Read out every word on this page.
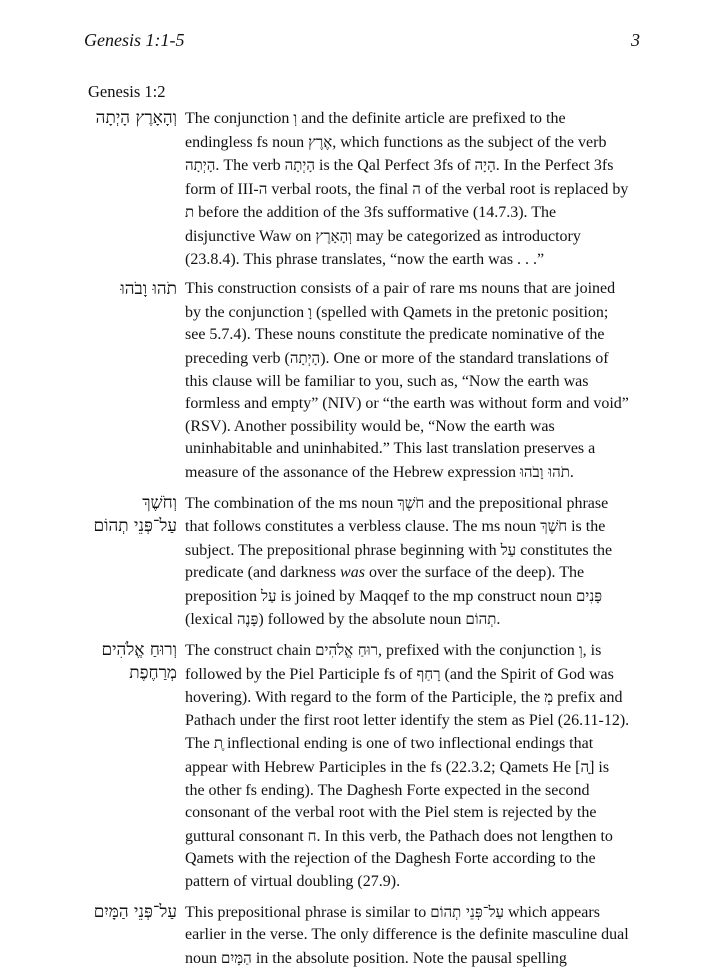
Genesis 1:1-5	3
Genesis 1:2
וְהָאָרֶץ הָיְתָה The conjunction וְ and the definite article are prefixed to the endingless fs noun אֶרֶץ, which functions as the subject of the verb הָיְתָה. The verb הָיְתָה is the Qal Perfect 3fs of הָיָה. In the Perfect 3fs form of III-ה verbal roots, the final ה of the verbal root is replaced by ת before the addition of the 3fs sufformative (14.7.3). The disjunctive Waw on וְהָאָרֶץ may be categorized as introductory (23.8.4). This phrase translates, “now the earth was . . .”
תֹהוּ וָבֹהוּ This construction consists of a pair of rare ms nouns that are joined by the conjunction וָ (spelled with Qamets in the pretonic position; see 5.7.4). These nouns constitute the predicate nominative of the preceding verb (הָיְתָה). One or more of the standard translations of this clause will be familiar to you, such as, “Now the earth was formless and empty” (NIV) or “the earth was without form and void” (RSV). Another possibility would be, “Now the earth was uninhabitable and uninhabited.” This last translation preserves a measure of the assonance of the Hebrew expression תֹהוּ וָבֹהוּ.
וְחֹשֶׁךְ
עַל־פְּנֵי תְהוֹם
The combination of the ms noun חֹשֶׁךְ and the prepositional phrase that follows constitutes a verbless clause. The ms noun חֹשֶׁךְ is the subject. The prepositional phrase beginning with עַל constitutes the predicate (and darkness was over the surface of the deep). The preposition עַל is joined by Maqqef to the mp construct noun פָּנִים (lexical פָּנֶה) followed by the absolute noun תְהוֹם.
וְרוּחַ אֱלֹהִים
מְרַחֶפֶת
The construct chain רוּחַ אֱלֹהִים, prefixed with the conjunction וְ, is followed by the Piel Participle fs of רָחַף (and the Spirit of God was hovering). With regard to the form of the Participle, the מְ prefix and Pathach under the first root letter identify the stem as Piel (26.11-12). The ֶת inflectional ending is one of two inflectional endings that appear with Hebrew Participles in the fs (22.3.2; Qamets He [ָה] is the other fs ending). The Daghesh Forte expected in the second consonant of the verbal root with the Piel stem is rejected by the guttural consonant ח. In this verb, the Pathach does not lengthen to Qamets with the rejection of the Daghesh Forte according to the pattern of virtual doubling (27.9).
עַל־פְּנֵי הַמָּיִם This prepositional phrase is similar to עַל־פְּנֵי תְהוֹם which appears earlier in the verse. The only difference is the definite masculine dual noun הַמָּיִם in the absolute position. Note the pausal spelling
